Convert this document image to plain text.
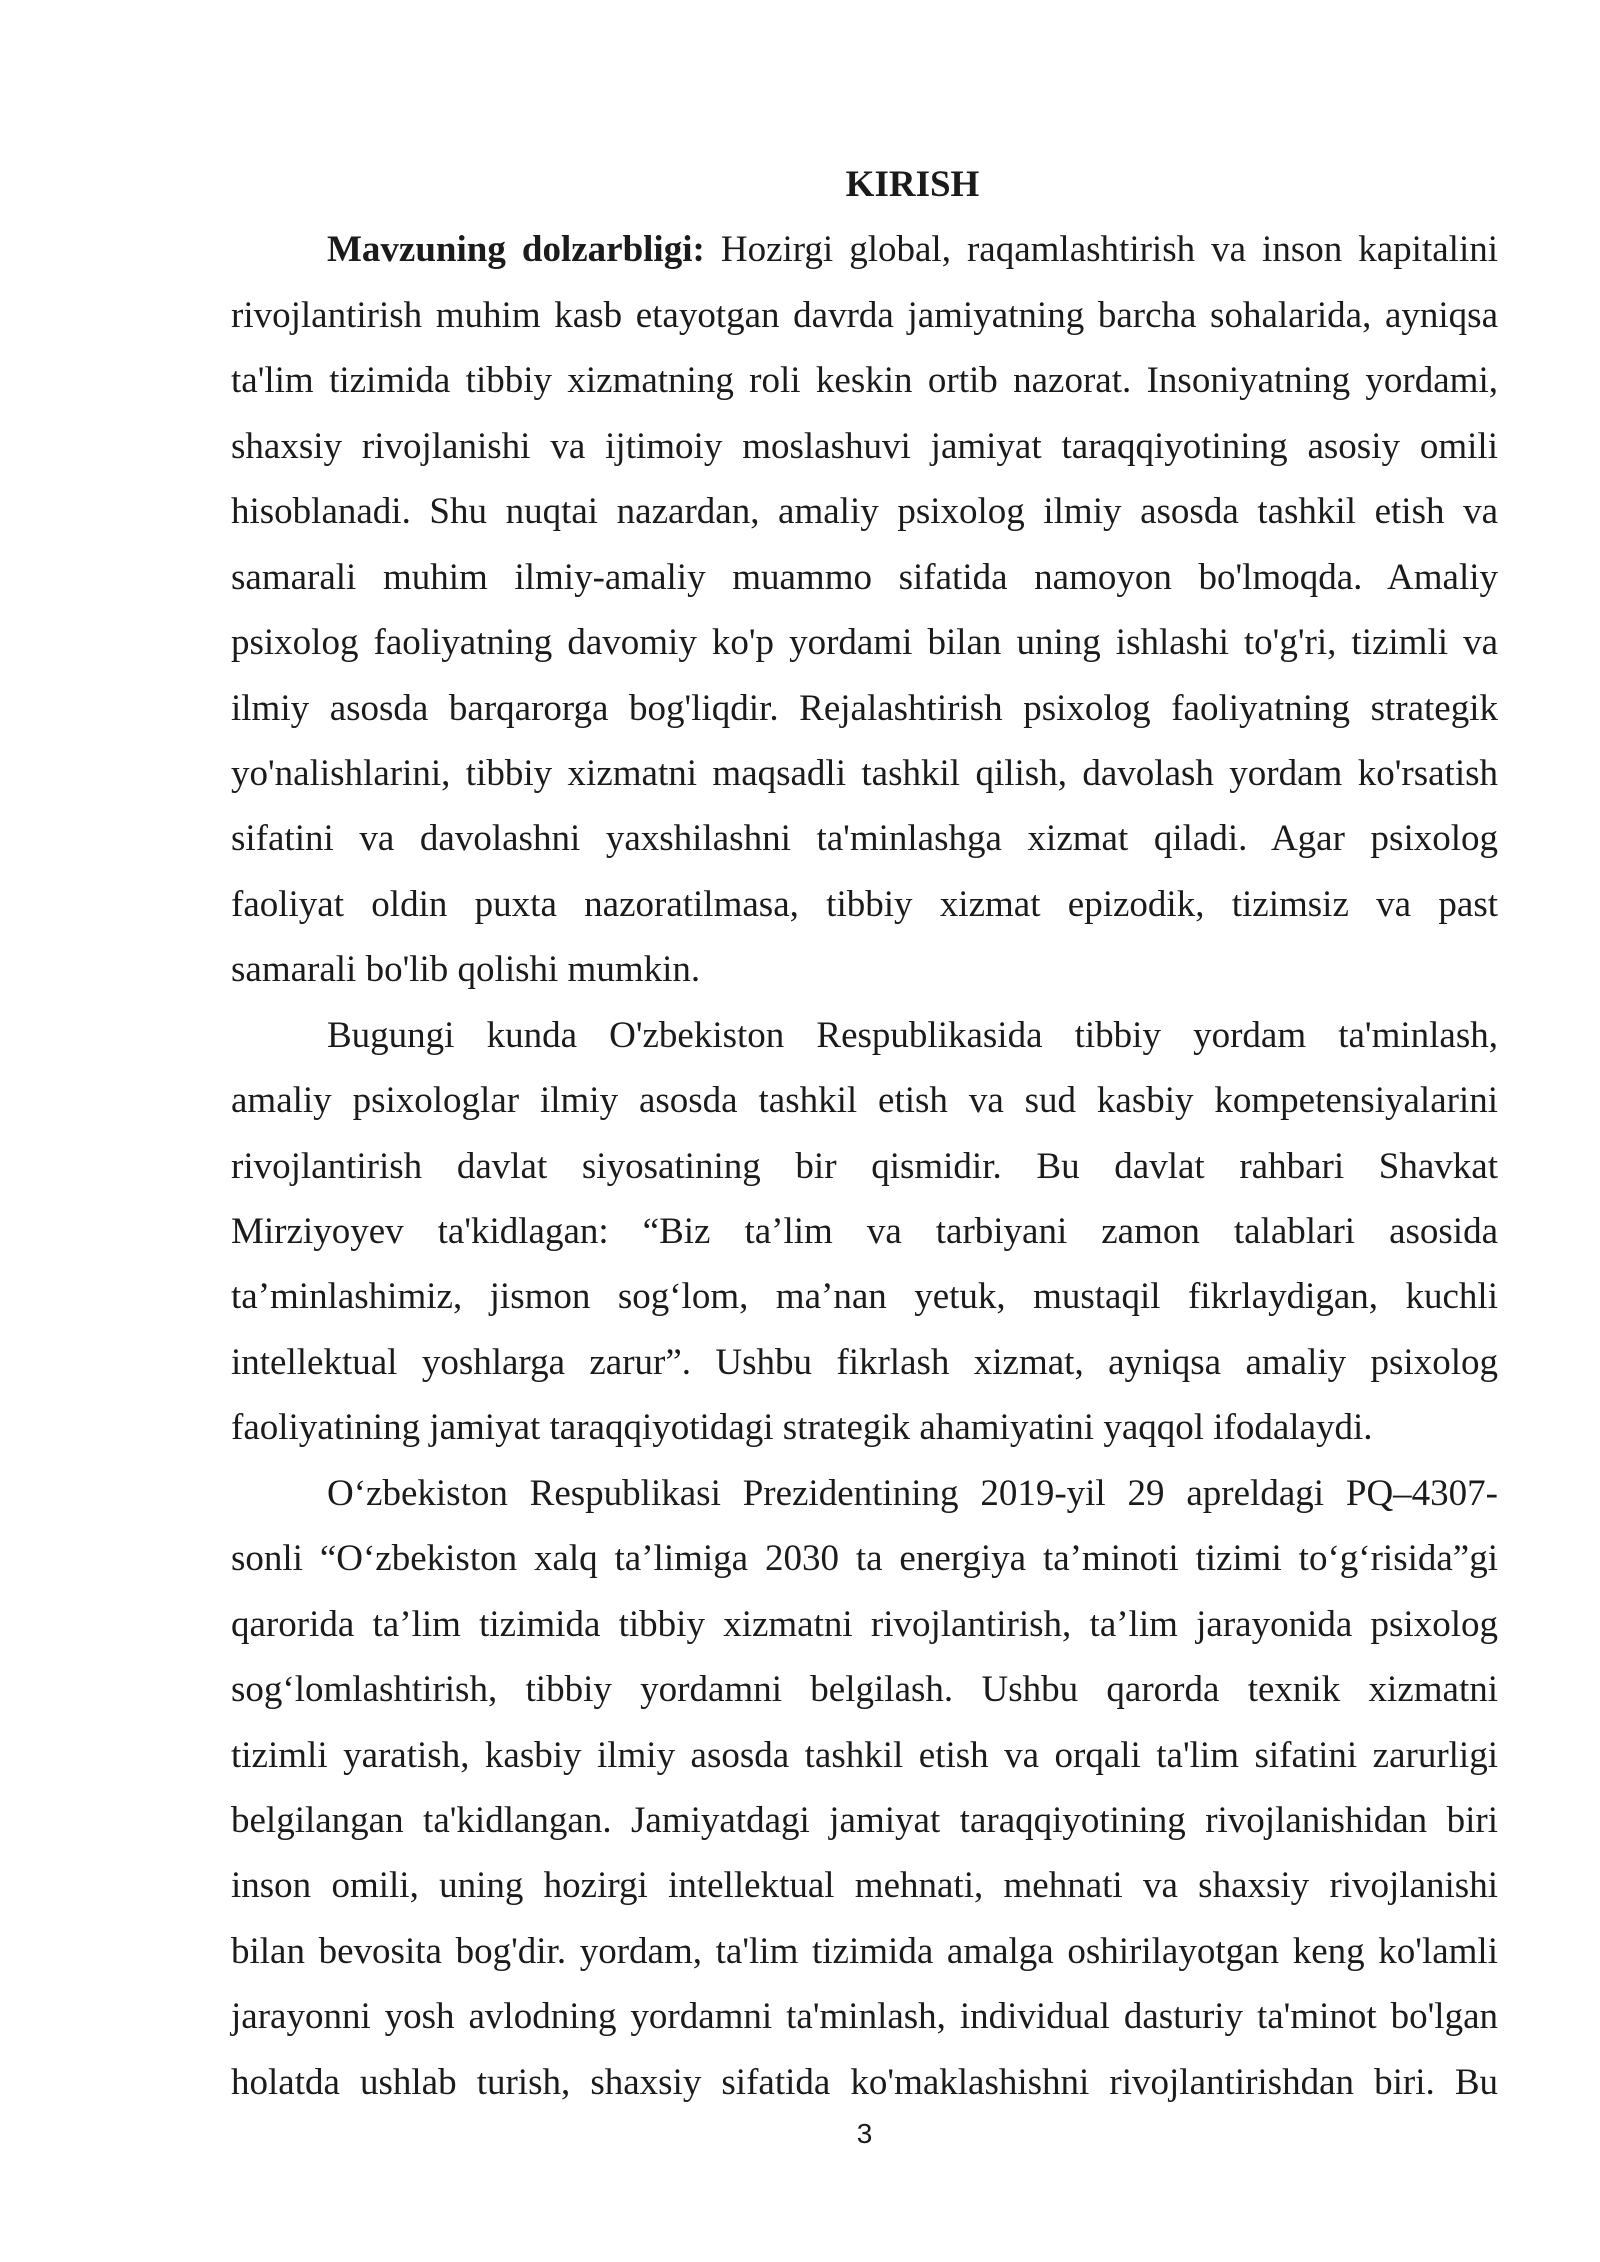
KIRISH
Mavzuning dolzarbligi: Hozirgi global, raqamlashtirish va inson kapitalini
rivojlantirish muhim kasb etayotgan davrda jamiyatning barcha sohalarida, ayniqsa
ta'lim tizimida tibbiy xizmatning roli keskin ortib nazorat. Insoniyatning yordami,
shaxsiy rivojlanishi va ijtimoiy moslashuvi jamiyat taraqqiyotining asosiy omili
hisoblanadi. Shu nuqtai nazardan, amaliy psixolog ilmiy asosda tashkil etish va
samarali muhim ilmiy-amaliy muammo sifatida namoyon bo'lmoqda. Amaliy
psixolog faoliyatning davomiy ko'p yordami bilan uning ishlashi to'g'ri, tizimli va
ilmiy asosda barqarorga bog'liqdir. Rejalashtirish psixolog faoliyatning strategik
yo'nalishlarini, tibbiy xizmatni maqsadli tashkil qilish, davolash yordam ko'rsatish
sifatini va davolashni yaxshilashni ta'minlashga xizmat qiladi. Agar psixolog
faoliyat oldin puxta nazoratilmasa, tibbiy xizmat epizodik, tizimsiz va past
samarali bo'lib qolishi mumkin.
Bugungi kunda O'zbekiston Respublikasida tibbiy yordam ta'minlash,
amaliy psixologlar ilmiy asosda tashkil etish va sud kasbiy kompetensiyalarini
rivojlantirish davlat siyosatining bir qismidir. Bu davlat rahbari Shavkat
Mirziyoyev ta'kidlagan: “Biz ta’lim va tarbiyani zamon talablari asosida
ta’minlashimiz, jismon sog‘lom, ma’nan yetuk, mustaqil fikrlaydigan, kuchli
intellektual yoshlarga zarur”. Ushbu fikrlash xizmat, ayniqsa amaliy psixolog
faoliyatining jamiyat taraqqiyotidagi strategik ahamiyatini yaqqol ifodalaydi.
O‘zbekiston Respublikasi Prezidentining 2019-yil 29 apreldagi PQ–4307-
sonli “O‘zbekiston xalq ta’limiga 2030 ta energiya ta’minoti tizimi to‘g‘risida”gi
qarorida ta’lim tizimida tibbiy xizmatni rivojlantirish, ta’lim jarayonida psixolog
sog‘lomlashtirish, tibbiy yordamni belgilash. Ushbu qarorda texnik xizmatni
tizimli yaratish, kasbiy ilmiy asosda tashkil etish va orqali ta'lim sifatini zarurligi
belgilangan ta'kidlangan. Jamiyatdagi jamiyat taraqqiyotining rivojlanishidan biri
inson omili, uning hozirgi intellektual mehnati, mehnati va shaxsiy rivojlanishi
bilan bevosita bog'dir. yordam, ta'lim tizimida amalga oshirilayotgan keng ko'lamli
jarayonni yosh avlodning yordamni ta'minlash, individual dasturiy ta'minot bo'lgan
holatda ushlab turish, shaxsiy sifatida ko'maklashishni rivojlantirishdan biri. Bu
3
